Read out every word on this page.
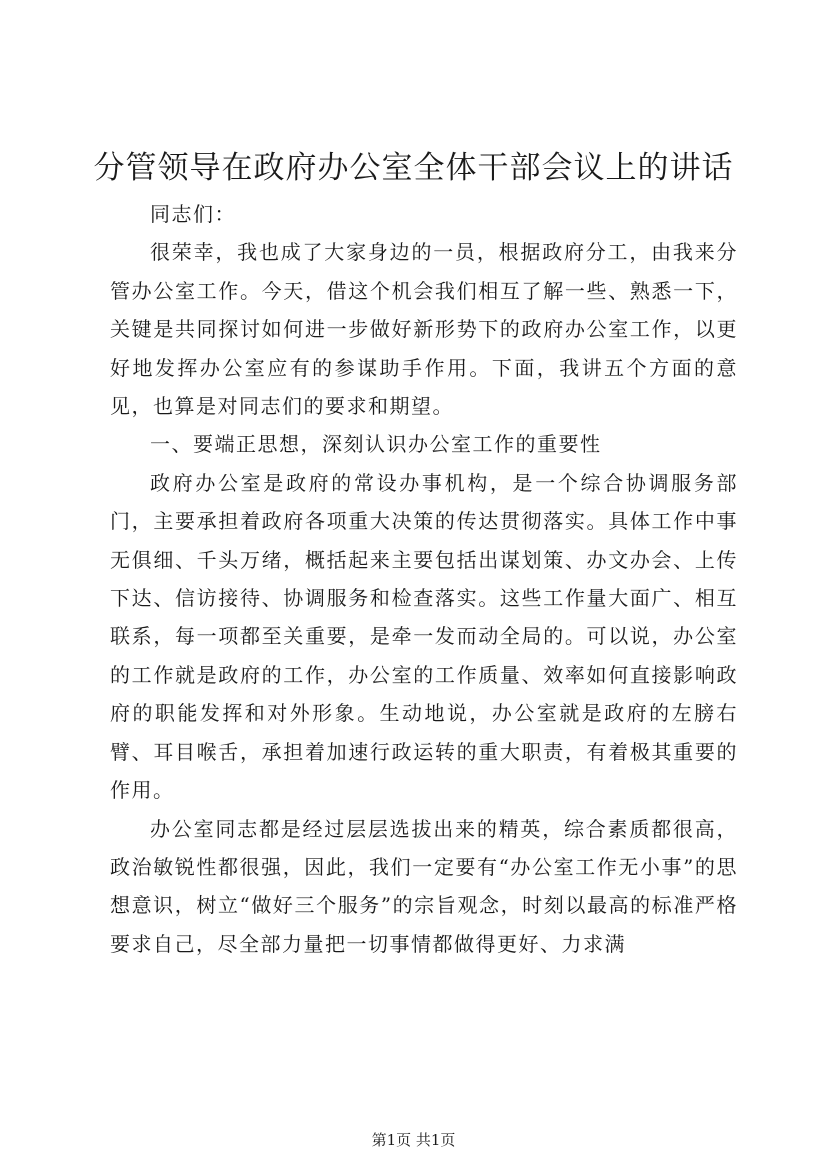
分管领导在政府办公室全体干部会议上的讲话

同志们：

很荣幸，我也成了大家身边的一员，根据政府分工，由我来分管办公室工作。今天，借这个机会我们相互了解一些、熟悉一下，关键是共同探讨如何进一步做好新形势下的政府办公室工作，以更好地发挥办公室应有的参谋助手作用。下面，我讲五个方面的意见，也算是对同志们的要求和期望。

一、要端正思想，深刻认识办公室工作的重要性

政府办公室是政府的常设办事机构，是一个综合协调服务部门，主要承担着政府各项重大决策的传达贯彻落实。具体工作中事无俱细、千头万绪，概括起来主要包括出谋划策、办文办会、上传下达、信访接待、协调服务和检查落实。这些工作量大面广、相互联系，每一项都至关重要，是牵一发而动全局的。可以说，办公室的工作就是政府的工作，办公室的工作质量、效率如何直接影响政府的职能发挥和对外形象。生动地说，办公室就是政府的左膀右臂、耳目喉舌，承担着加速行政运转的重大职责，有着极其重要的作用。

办公室同志都是经过层层选拔出来的精英，综合素质都很高，政治敏锐性都很强，因此，我们一定要有“办公室工作无小事”的思想意识，树立“做好三个服务”的宗旨观念，时刻以最高的标准严格要求自己，尽全部力量把一切事情都做得更好、力求满

第1页 共1页
